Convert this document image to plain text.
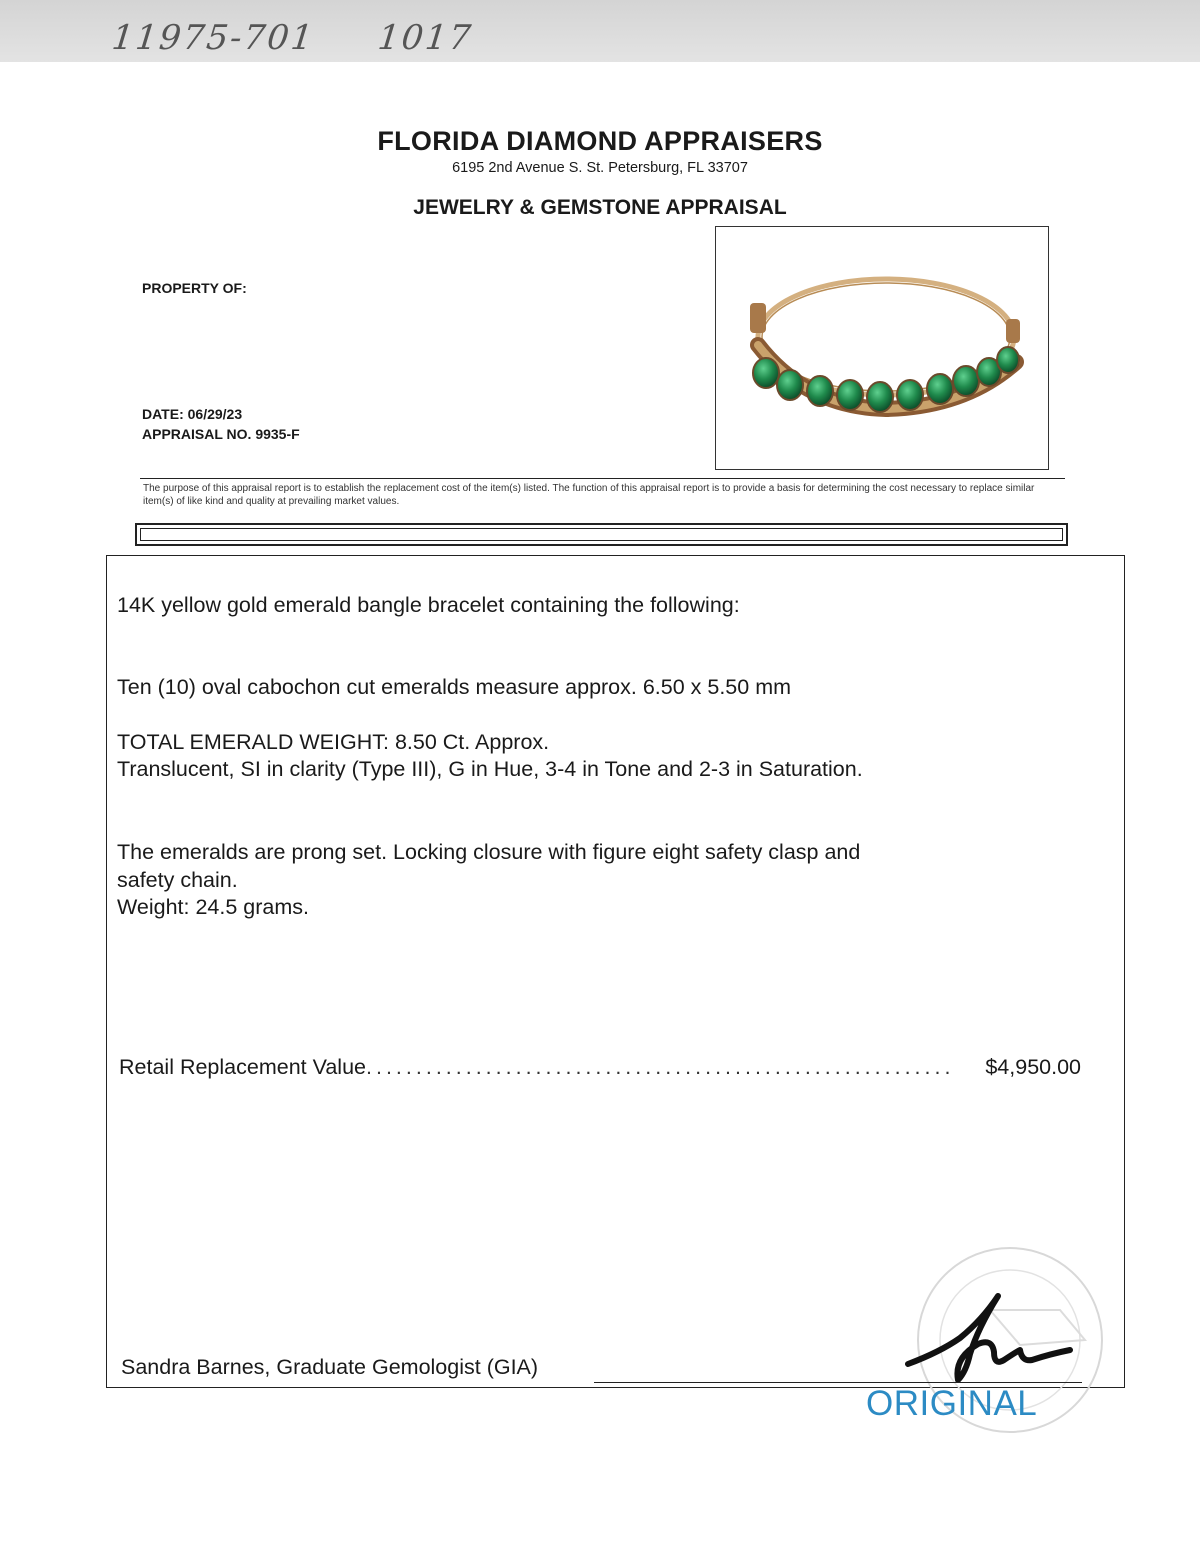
11975-701 1017
FLORIDA DIAMOND APPRAISERS
6195 2nd Avenue S. St. Petersburg, FL 33707
JEWELRY & GEMSTONE APPRAISAL
PROPERTY OF:
DATE: 06/29/23
APPRAISAL NO. 9935-F
The purpose of this appraisal report is to establish the replacement cost of the item(s) listed. The function of this appraisal report is to provide a basis for determining the cost necessary to replace similar item(s) of like kind and quality at prevailing market values.
14K yellow gold emerald bangle bracelet containing the following:
Ten (10) oval cabochon cut emeralds measure approx. 6.50 x 5.50 mm
TOTAL EMERALD WEIGHT: 8.50 Ct. Approx.
Translucent, SI in clarity (Type III), G in Hue, 3-4 in Tone and 2-3 in Saturation.
The emeralds are prong set. Locking closure with figure eight safety clasp and
safety chain.
Weight: 24.5 grams.
Retail Replacement Value ...........................................................	$4,950.00
Sandra Barnes, Graduate Gemologist (GIA)
ORIGINAL
